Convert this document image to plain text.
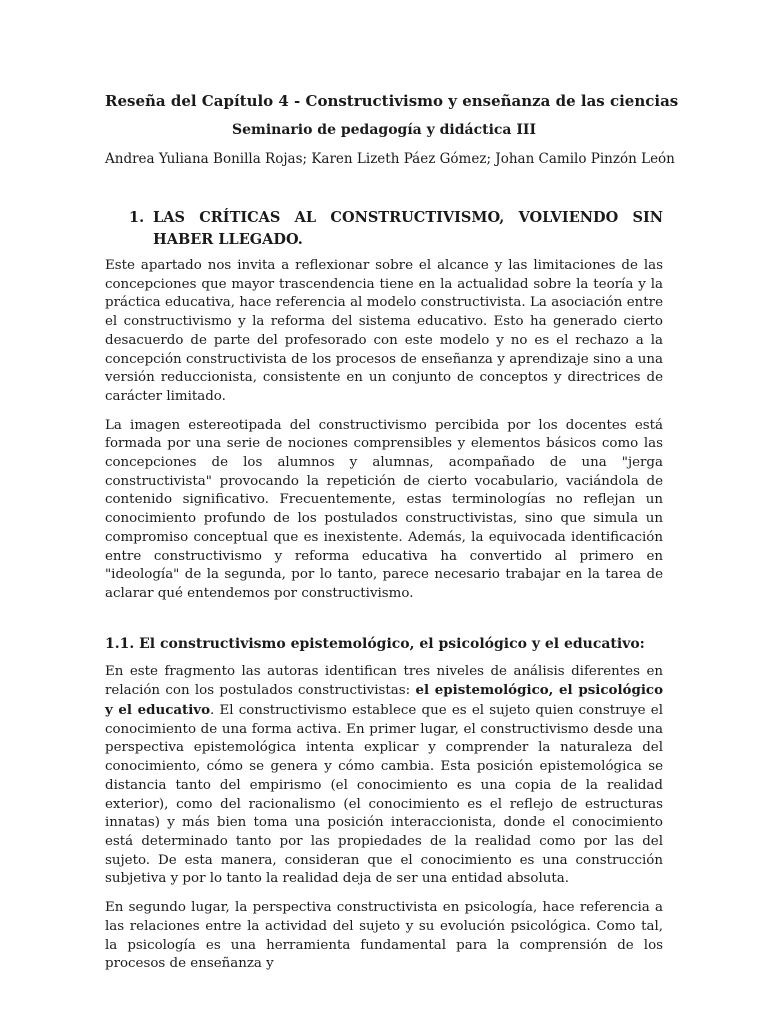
Reseña del Capítulo 4 - Constructivismo y enseñanza de las ciencias
Seminario de pedagogía y didáctica III
Andrea Yuliana Bonilla Rojas; Karen Lizeth Páez Gómez; Johan Camilo Pinzón León
1. LAS CRÍTICAS AL CONSTRUCTIVISMO, VOLVIENDO SIN HABER LLEGADO.

Este apartado nos invita a reflexionar sobre el alcance y las limitaciones de las concepciones que mayor trascendencia tiene en la actualidad sobre la teoría y la práctica educativa, hace referencia al modelo constructivista. La asociación entre el constructivismo y la reforma del sistema educativo. Esto ha generado cierto desacuerdo de parte del profesorado con este modelo y no es el rechazo a la concepción constructivista de los procesos de enseñanza y aprendizaje sino a una versión reduccionista, consistente en un conjunto de conceptos y directrices de carácter limitado.

La imagen estereotipada del constructivismo percibida por los docentes está formada por una serie de nociones comprensibles y elementos básicos como las concepciones de los alumnos y alumnas, acompañado de una "jerga constructivista" provocando la repetición de cierto vocabulario, vaciándola de contenido significativo. Frecuentemente, estas terminologías no reflejan un conocimiento profundo de los postulados constructivistas, sino que simula un compromiso conceptual que es inexistente. Además, la equivocada identificación entre constructivismo y reforma educativa ha convertido al primero en "ideología" de la segunda, por lo tanto, parece necesario trabajar en la tarea de aclarar qué entendemos por constructivismo.

1.1. El constructivismo epistemológico, el psicológico y el educativo:

En este fragmento las autoras identifican tres niveles de análisis diferentes en relación con los postulados constructivistas: el epistemológico, el psicológico y el educativo. El constructivismo establece que es el sujeto quien construye el conocimiento de una forma activa. En primer lugar, el constructivismo desde una perspectiva epistemológica intenta explicar y comprender la naturaleza del conocimiento, cómo se genera y cómo cambia. Esta posición epistemológica se distancia tanto del empirismo (el conocimiento es una copia de la realidad exterior), como del racionalismo (el conocimiento es el reflejo de estructuras innatas) y más bien toma una posición interaccionista, donde el conocimiento está determinado tanto por las propiedades de la realidad como por las del sujeto. De esta manera, consideran que el conocimiento es una construcción subjetiva y por lo tanto la realidad deja de ser una entidad absoluta.

En segundo lugar, la perspectiva constructivista en psicología, hace referencia a las relaciones entre la actividad del sujeto y su evolución psicológica. Como tal, la psicología es una herramienta fundamental para la comprensión de los procesos de enseñanza y
